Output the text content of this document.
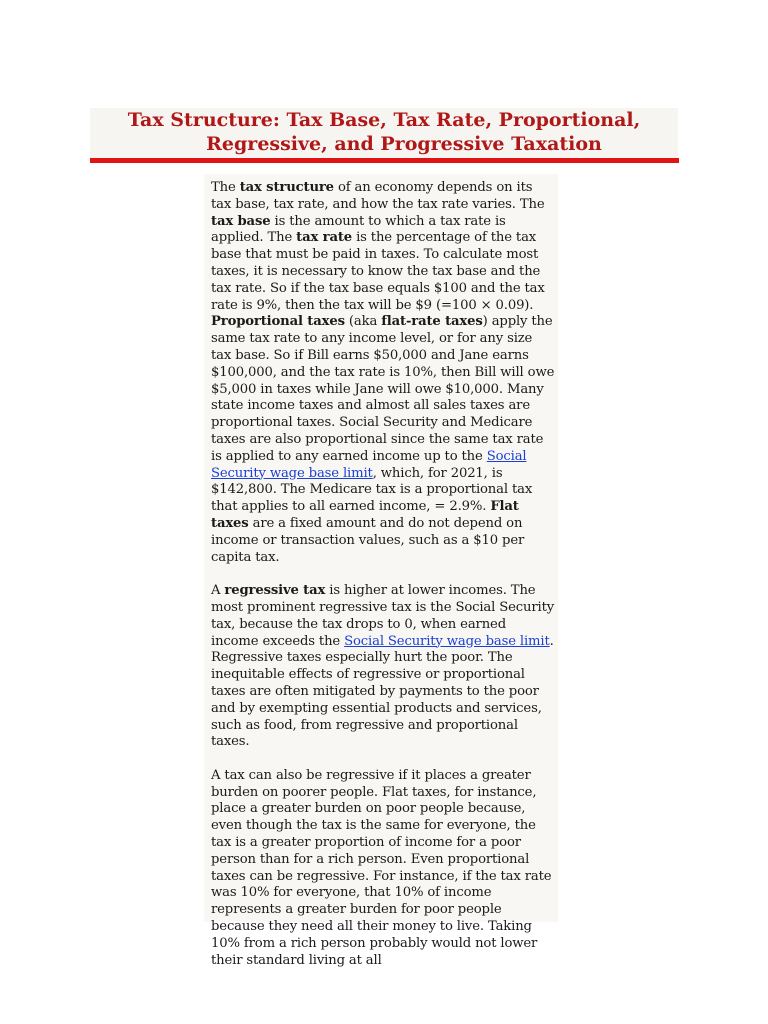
Tax Structure: Tax Base, Tax Rate, Proportional,
Regressive, and Progressive Taxation

The tax structure of an economy depends on its tax base, tax rate, and how the tax rate varies. The tax base is the amount to which a tax rate is applied. The tax rate is the percentage of the tax base that must be paid in taxes. To calculate most taxes, it is necessary to know the tax base and the tax rate. So if the tax base equals $100 and the tax rate is 9%, then the tax will be $9 (=100 × 0.09). Proportional taxes (aka flat-rate taxes) apply the same tax rate to any income level, or for any size tax base. So if Bill earns $50,000 and Jane earns $100,000, and the tax rate is 10%, then Bill will owe $5,000 in taxes while Jane will owe $10,000. Many state income taxes and almost all sales taxes are proportional taxes. Social Security and Medicare taxes are also proportional since the same tax rate is applied to any earned income up to the Social Security wage base limit, which, for 2021, is $142,800. The Medicare tax is a proportional tax that applies to all earned income, = 2.9%. Flat taxes are a fixed amount and do not depend on income or transaction values, such as a $10 per capita tax.

A regressive tax is higher at lower incomes. The most prominent regressive tax is the Social Security tax, because the tax drops to 0, when earned income exceeds the Social Security wage base limit. Regressive taxes especially hurt the poor. The inequitable effects of regressive or proportional taxes are often mitigated by payments to the poor and by exempting essential products and services, such as food, from regressive and proportional taxes.

A tax can also be regressive if it places a greater burden on poorer people. Flat taxes, for instance, place a greater burden on poor people because, even though the tax is the same for everyone, the tax is a greater proportion of income for a poor person than for a rich person. Even proportional taxes can be regressive. For instance, if the tax rate was 10% for everyone, that 10% of income represents a greater burden for poor people because they need all their money to live. Taking 10% from a rich person probably would not lower their standard living at all
